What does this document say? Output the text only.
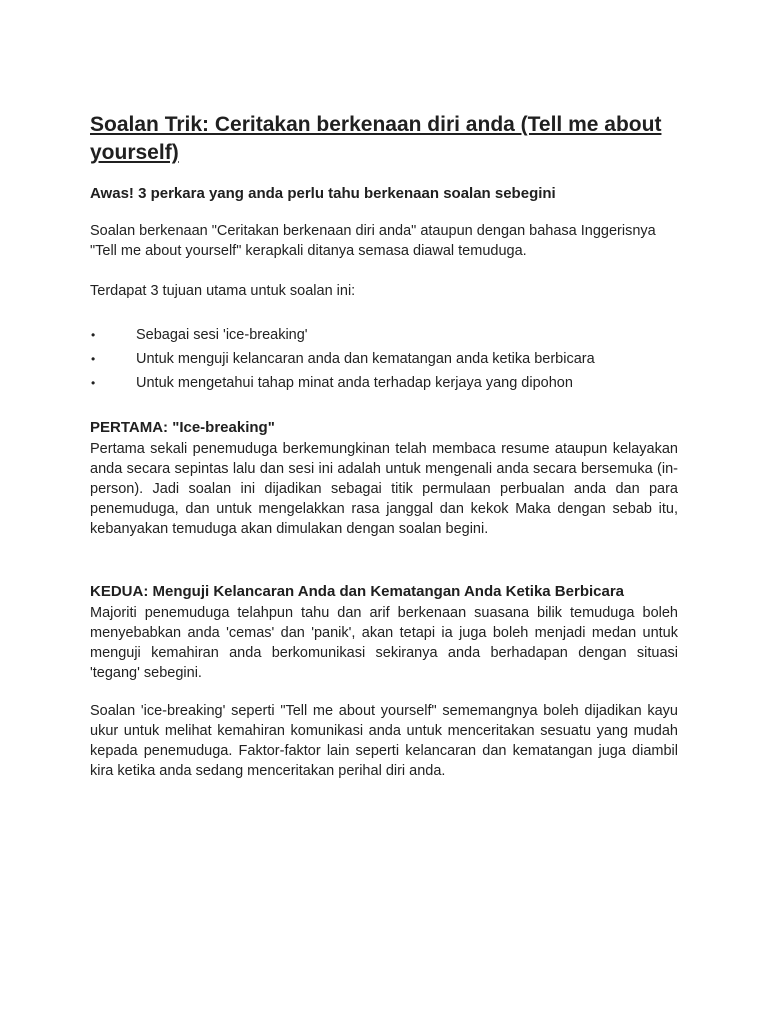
Soalan Trik: Ceritakan berkenaan diri anda (Tell me about yourself)

Awas! 3 perkara yang anda perlu tahu berkenaan soalan sebegini

Soalan berkenaan "Ceritakan berkenaan diri anda" ataupun dengan bahasa Inggerisnya "Tell me about yourself" kerapkali ditanya semasa diawal temuduga.

Terdapat 3 tujuan utama untuk soalan ini:

•	Sebagai sesi 'ice-breaking'
•	Untuk menguji kelancaran anda dan kematangan anda ketika berbicara
•	Untuk mengetahui tahap minat anda terhadap kerjaya yang dipohon

PERTAMA: "Ice-breaking"

Pertama sekali penemuduga berkemungkinan telah membaca resume ataupun kelayakan anda secara sepintas lalu dan sesi ini adalah untuk mengenali anda secara bersemuka (in-person). Jadi soalan ini dijadikan sebagai titik permulaan perbualan anda dan para penemuduga, dan untuk mengelakkan rasa janggal dan kekok Maka dengan sebab itu, kebanyakan temuduga akan dimulakan dengan soalan begini.

KEDUA: Menguji Kelancaran Anda dan Kematangan Anda Ketika Berbicara

Majoriti penemuduga telahpun tahu dan arif berkenaan suasana bilik temuduga boleh menyebabkan anda 'cemas' dan 'panik', akan tetapi ia juga boleh menjadi medan untuk menguji kemahiran anda berkomunikasi sekiranya anda berhadapan dengan situasi 'tegang' sebegini.

Soalan 'ice-breaking' seperti "Tell me about yourself" sememangnya boleh dijadikan kayu ukur untuk melihat kemahiran komunikasi anda untuk menceritakan sesuatu yang mudah kepada penemuduga. Faktor-faktor lain seperti kelancaran dan kematangan juga diambil kira ketika anda sedang menceritakan perihal diri anda.
